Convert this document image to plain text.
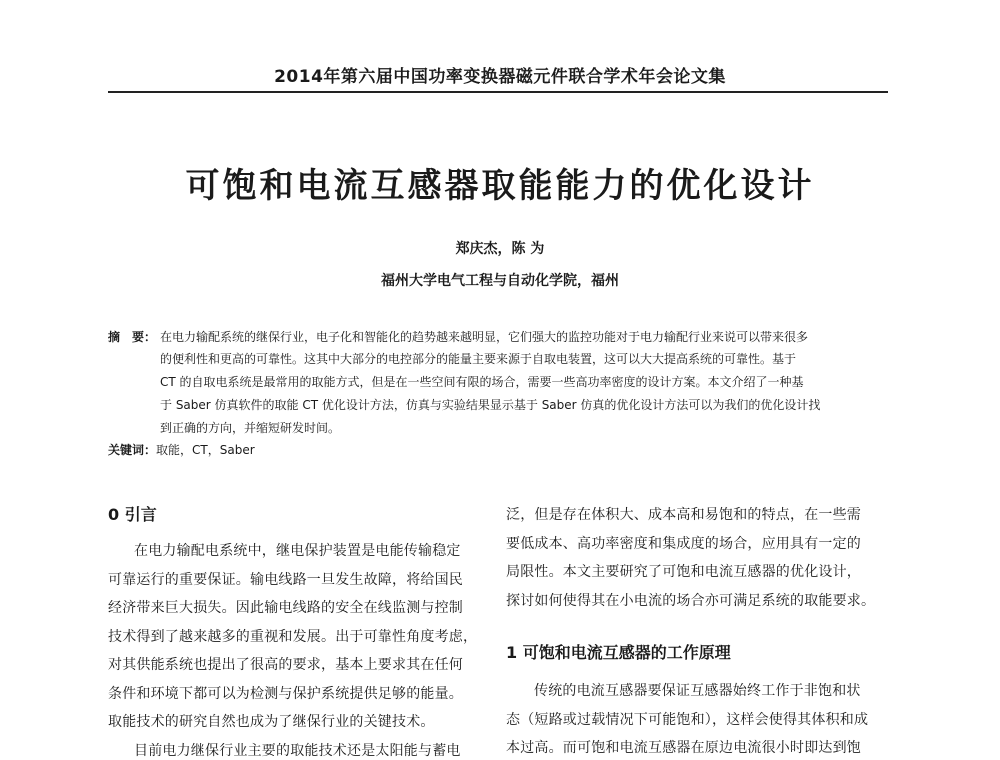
2014年第六届中国功率变换器磁元件联合学术年会论文集
可饱和电流互感器取能能力的优化设计
郑庆杰，陈 为
福州大学电气工程与自动化学院，福州
摘　要： 在电力输配系统的继保行业，电子化和智能化的趋势越来越明显，它们强大的监控功能对于电力输配行业来说可以带来很多
的便利性和更高的可靠性。这其中大部分的电控部分的能量主要来源于自取电装置，这可以大大提高系统的可靠性。基于
CT 的自取电系统是最常用的取能方式，但是在一些空间有限的场合，需要一些高功率密度的设计方案。本文介绍了一种基
于 Saber 仿真软件的取能 CT 优化设计方法，仿真与实验结果显示基于 Saber 仿真的优化设计方法可以为我们的优化设计找
到正确的方向，并缩短研发时间。
关键词：取能，CT，Saber
0 引言
在电力输配电系统中，继电保护装置是电能传输稳定
可靠运行的重要保证。输电线路一旦发生故障，将给国民
经济带来巨大损失。因此输电线路的安全在线监测与控制
技术得到了越来越多的重视和发展。出于可靠性角度考虑，
对其供能系统也提出了很高的要求，基本上要求其在任何
条件和环境下都可以为检测与保护系统提供足够的能量。
取能技术的研究自然也成为了继保行业的关键技术。
目前电力继保行业主要的取能技术还是太阳能与蓄电
泛，但是存在体积大、成本高和易饱和的特点，在一些需
要低成本、高功率密度和集成度的场合，应用具有一定的
局限性。本文主要研究了可饱和电流互感器的优化设计，
探讨如何使得其在小电流的场合亦可满足系统的取能要求。
1 可饱和电流互感器的工作原理
传统的电流互感器要保证互感器始终工作于非饱和状
态（短路或过载情况下可能饱和），这样会使得其体积和成
本过高。而可饱和电流互感器在原边电流很小时即达到饱
